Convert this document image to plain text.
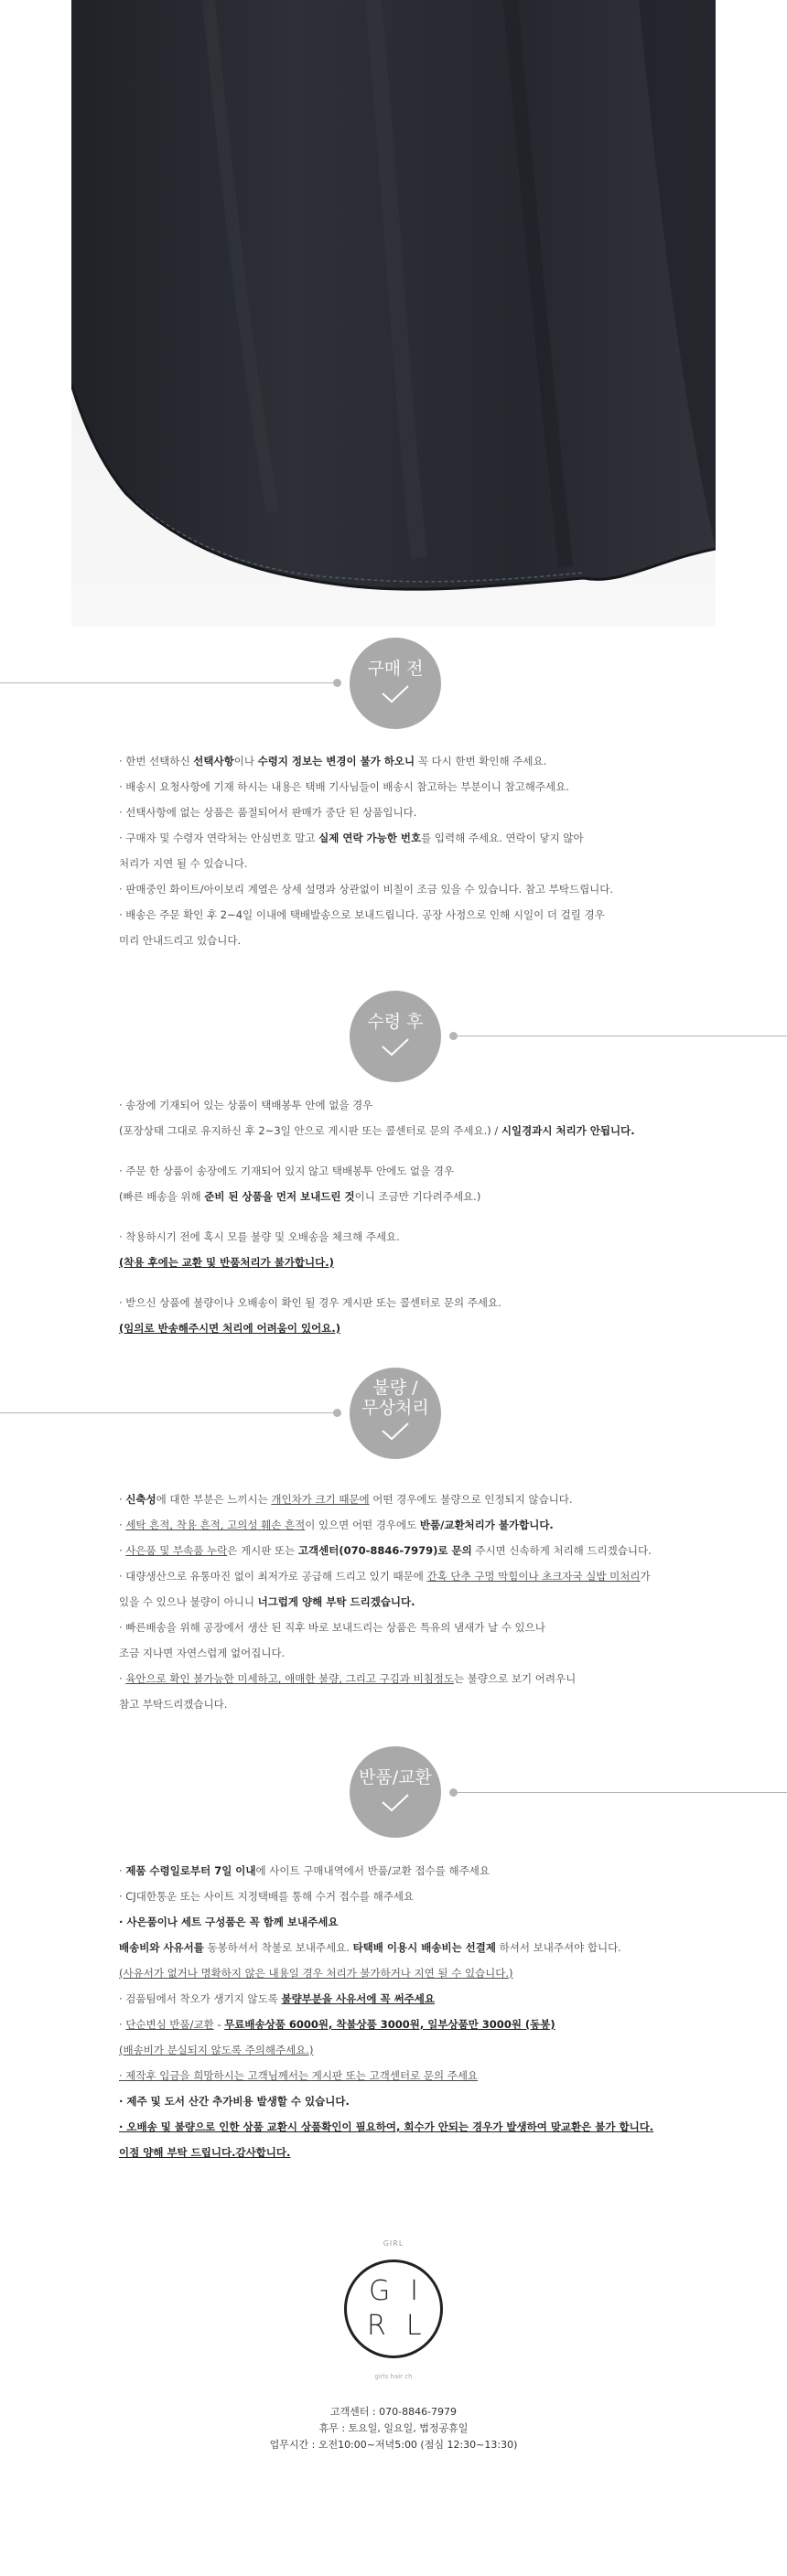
구매 전
· 한번 선택하신 선택사항이나 수령지 정보는 변경이 불가 하오니 꼭 다시 한번 확인해 주세요.
· 배송시 요청사항에 기재 하시는 내용은 택배 기사님들이 배송시 참고하는 부분이니 참고해주세요.
· 선택사항에 없는 상품은 품절되어서 판매가 중단 된 상품입니다.
· 구매자 및 수령자 연락처는 안심번호 말고 실제 연락 가능한 번호를 입력해 주세요. 연락이 닿지 않아
처리가 지연 될 수 있습니다.
· 판매중인 화이트/아이보리 계열은 상세 설명과 상관없이 비칠이 조금 있을 수 있습니다. 참고 부탁드립니다.
· 배송은 주문 확인 후 2~4일 이내에 택배발송으로 보내드립니다. 공장 사정으로 인해 시일이 더 걸릴 경우
미리 안내드리고 있습니다.
수령 후
· 송장에 기재되어 있는 상품이 택배봉투 안에 없을 경우
(포장상태 그대로 유지하신 후 2~3일 안으로 게시판 또는 콜센터로 문의 주세요.) / 시일경과시 처리가 안됩니다.
· 주문 한 상품이 송장에도 기재되어 있지 않고 택배봉투 안에도 없을 경우
(빠른 배송을 위해 준비 된 상품을 먼저 보내드린 것이니 조금만 기다려주세요.)
· 착용하시기 전에 혹시 모를 불량 및 오배송을 체크해 주세요.
(착용 후에는 교환 및 반품처리가 불가합니다.)
· 받으신 상품에 불량이나 오배송이 확인 될 경우 게시판 또는 콜센터로 문의 주세요.
(임의로 반송해주시면 처리에 어려움이 있어요.)
불량 /
무상처리
· 신축성에 대한 부분은 느끼시는 개인차가 크기 때문에 어떤 경우에도 불량으로 인정되지 않습니다.
· 세탁 흔적, 착용 흔적, 고의성 훼손 흔적이 있으면 어떤 경우에도 반품/교환처리가 불가합니다.
· 사은품 및 부속품 누락은 게시판 또는 고객센터(070-8846-7979)로 문의 주시면 신속하게 처리해 드리겠습니다.
· 대량생산으로 유통마진 없이 최저가로 공급해 드리고 있기 때문에 간혹 단추 구멍 막힘이나 초크자국 실밥 미처리가
있을 수 있으나 불량이 아니니 너그럽게 양해 부탁 드리겠습니다.
· 빠른배송을 위해 공장에서 생산 된 직후 바로 보내드리는 상품은 특유의 냄새가 날 수 있으나
조금 지나면 자연스럽게 없어집니다.
· 육안으로 확인 불가능한 미세하고, 애매한 불량, 그리고 구김과 비침정도는 불량으로 보기 어려우니
참고 부탁드리겠습니다.
반품/교환
· 제품 수령일로부터 7일 이내에 사이트 구매내역에서 반품/교환 접수를 해주세요
· CJ대한통운 또는 사이트 지정택배를 통해 수거 접수를 해주세요
· 사은품이나 세트 구성품은 꼭 함께 보내주세요
배송비와 사유서를 동봉하셔서 착불로 보내주세요. 타택배 이용시 배송비는 선결제 하셔서 보내주셔야 합니다.
(사유서가 없거나 명확하지 않은 내용일 경우 처리가 불가하거나 지연 될 수 있습니다.)
· 검품팀에서 착오가 생기지 않도록 불량부분을 사유서에 꼭 써주세요
· 단순변심 반품/교환 - 무료배송상품 6000원, 착불상품 3000원, 일부상품만 3000원 (동봉)
(배송비가 분실되지 않도록 주의해주세요.)
· 제작후 입금을 희망하시는 고객님께서는 게시판 또는 고객센터로 문의 주세요
· 제주 및 도서 산간 추가비용 발생할 수 있습니다.
· 오배송 및 불량으로 인한 상품 교환시 상품확인이 필요하여, 회수가 안되는 경우가 발생하여 맞교환은 불가 합니다.
이점 양해 부탁 드립니다.감사합니다.
GIRL
GI
RL
girls hair ch
고객센터 : 070-8846-7979
휴무 : 토요일, 일요일, 법정공휴일
업무시간 : 오전10:00~저녁5:00 (점심 12:30~13:30)
